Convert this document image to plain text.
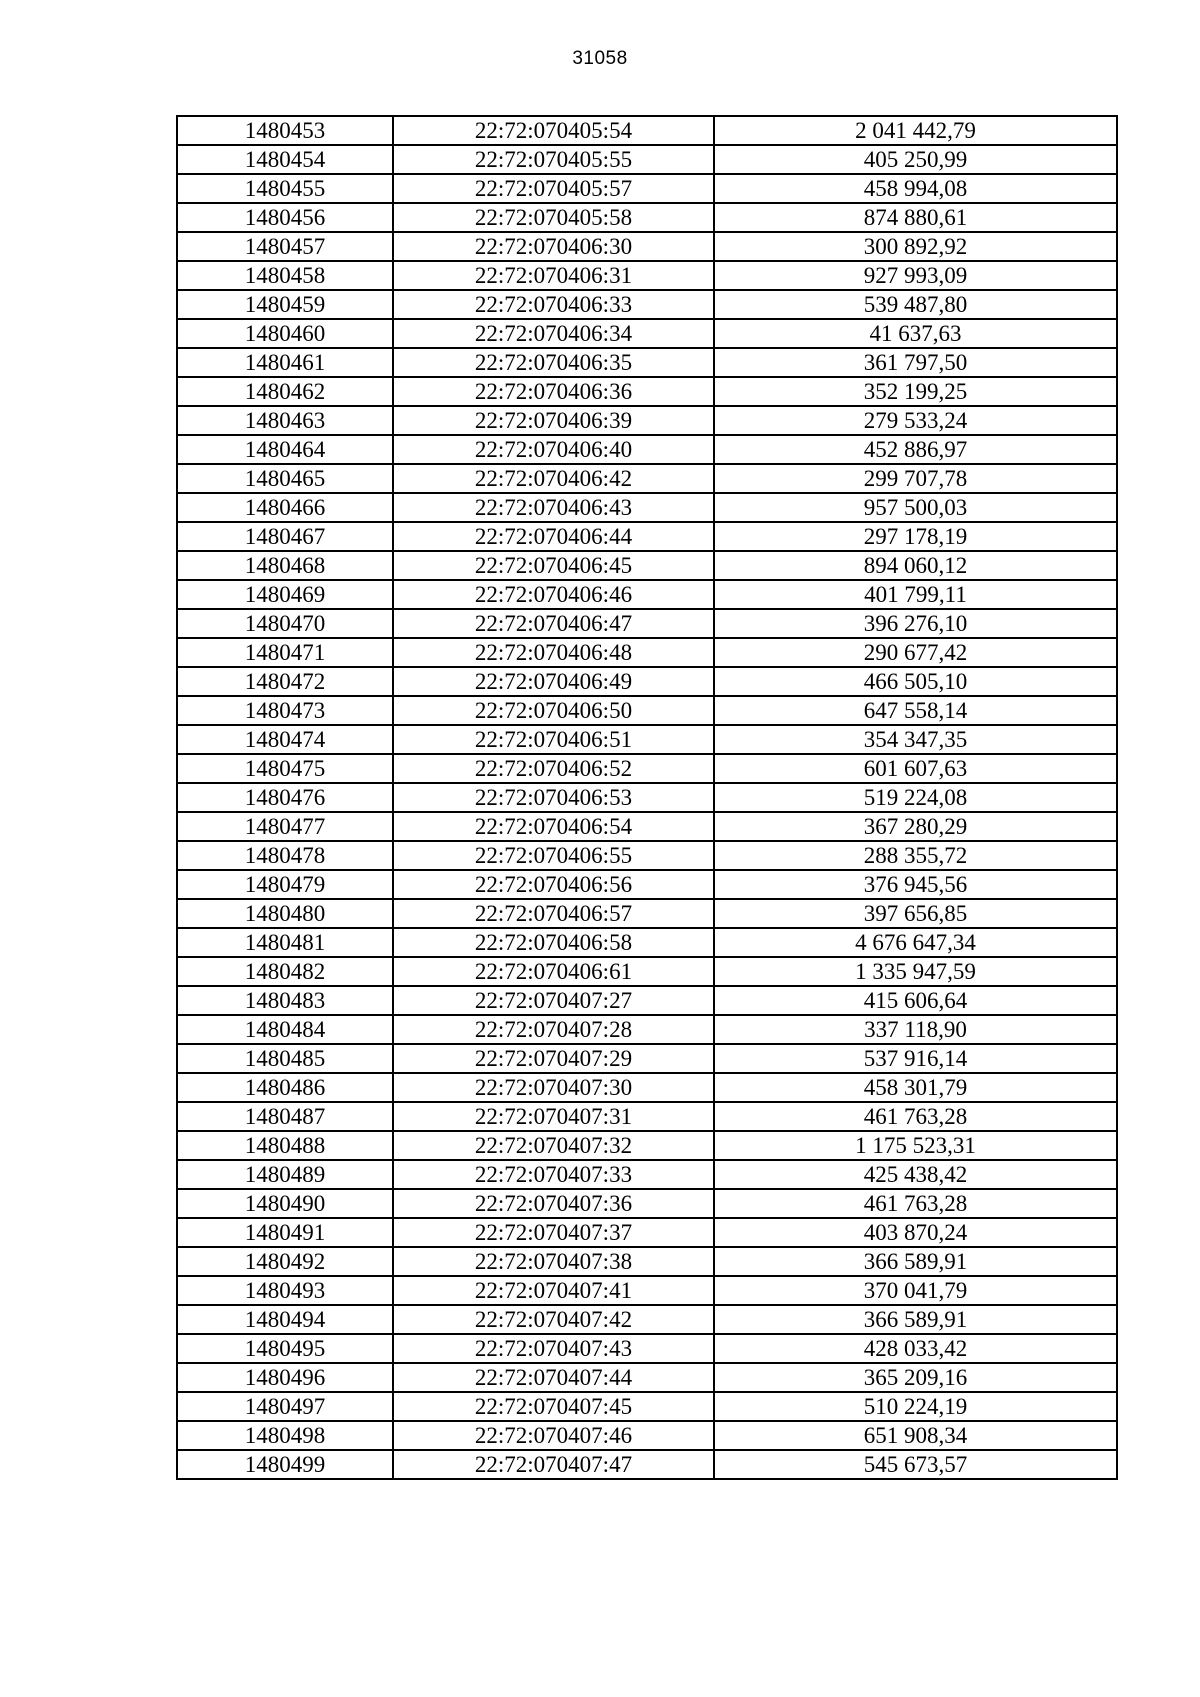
31058
1480453	22:72:070405:54	2 041 442,79
1480454	22:72:070405:55	405 250,99
1480455	22:72:070405:57	458 994,08
1480456	22:72:070405:58	874 880,61
1480457	22:72:070406:30	300 892,92
1480458	22:72:070406:31	927 993,09
1480459	22:72:070406:33	539 487,80
1480460	22:72:070406:34	41 637,63
1480461	22:72:070406:35	361 797,50
1480462	22:72:070406:36	352 199,25
1480463	22:72:070406:39	279 533,24
1480464	22:72:070406:40	452 886,97
1480465	22:72:070406:42	299 707,78
1480466	22:72:070406:43	957 500,03
1480467	22:72:070406:44	297 178,19
1480468	22:72:070406:45	894 060,12
1480469	22:72:070406:46	401 799,11
1480470	22:72:070406:47	396 276,10
1480471	22:72:070406:48	290 677,42
1480472	22:72:070406:49	466 505,10
1480473	22:72:070406:50	647 558,14
1480474	22:72:070406:51	354 347,35
1480475	22:72:070406:52	601 607,63
1480476	22:72:070406:53	519 224,08
1480477	22:72:070406:54	367 280,29
1480478	22:72:070406:55	288 355,72
1480479	22:72:070406:56	376 945,56
1480480	22:72:070406:57	397 656,85
1480481	22:72:070406:58	4 676 647,34
1480482	22:72:070406:61	1 335 947,59
1480483	22:72:070407:27	415 606,64
1480484	22:72:070407:28	337 118,90
1480485	22:72:070407:29	537 916,14
1480486	22:72:070407:30	458 301,79
1480487	22:72:070407:31	461 763,28
1480488	22:72:070407:32	1 175 523,31
1480489	22:72:070407:33	425 438,42
1480490	22:72:070407:36	461 763,28
1480491	22:72:070407:37	403 870,24
1480492	22:72:070407:38	366 589,91
1480493	22:72:070407:41	370 041,79
1480494	22:72:070407:42	366 589,91
1480495	22:72:070407:43	428 033,42
1480496	22:72:070407:44	365 209,16
1480497	22:72:070407:45	510 224,19
1480498	22:72:070407:46	651 908,34
1480499	22:72:070407:47	545 673,57
